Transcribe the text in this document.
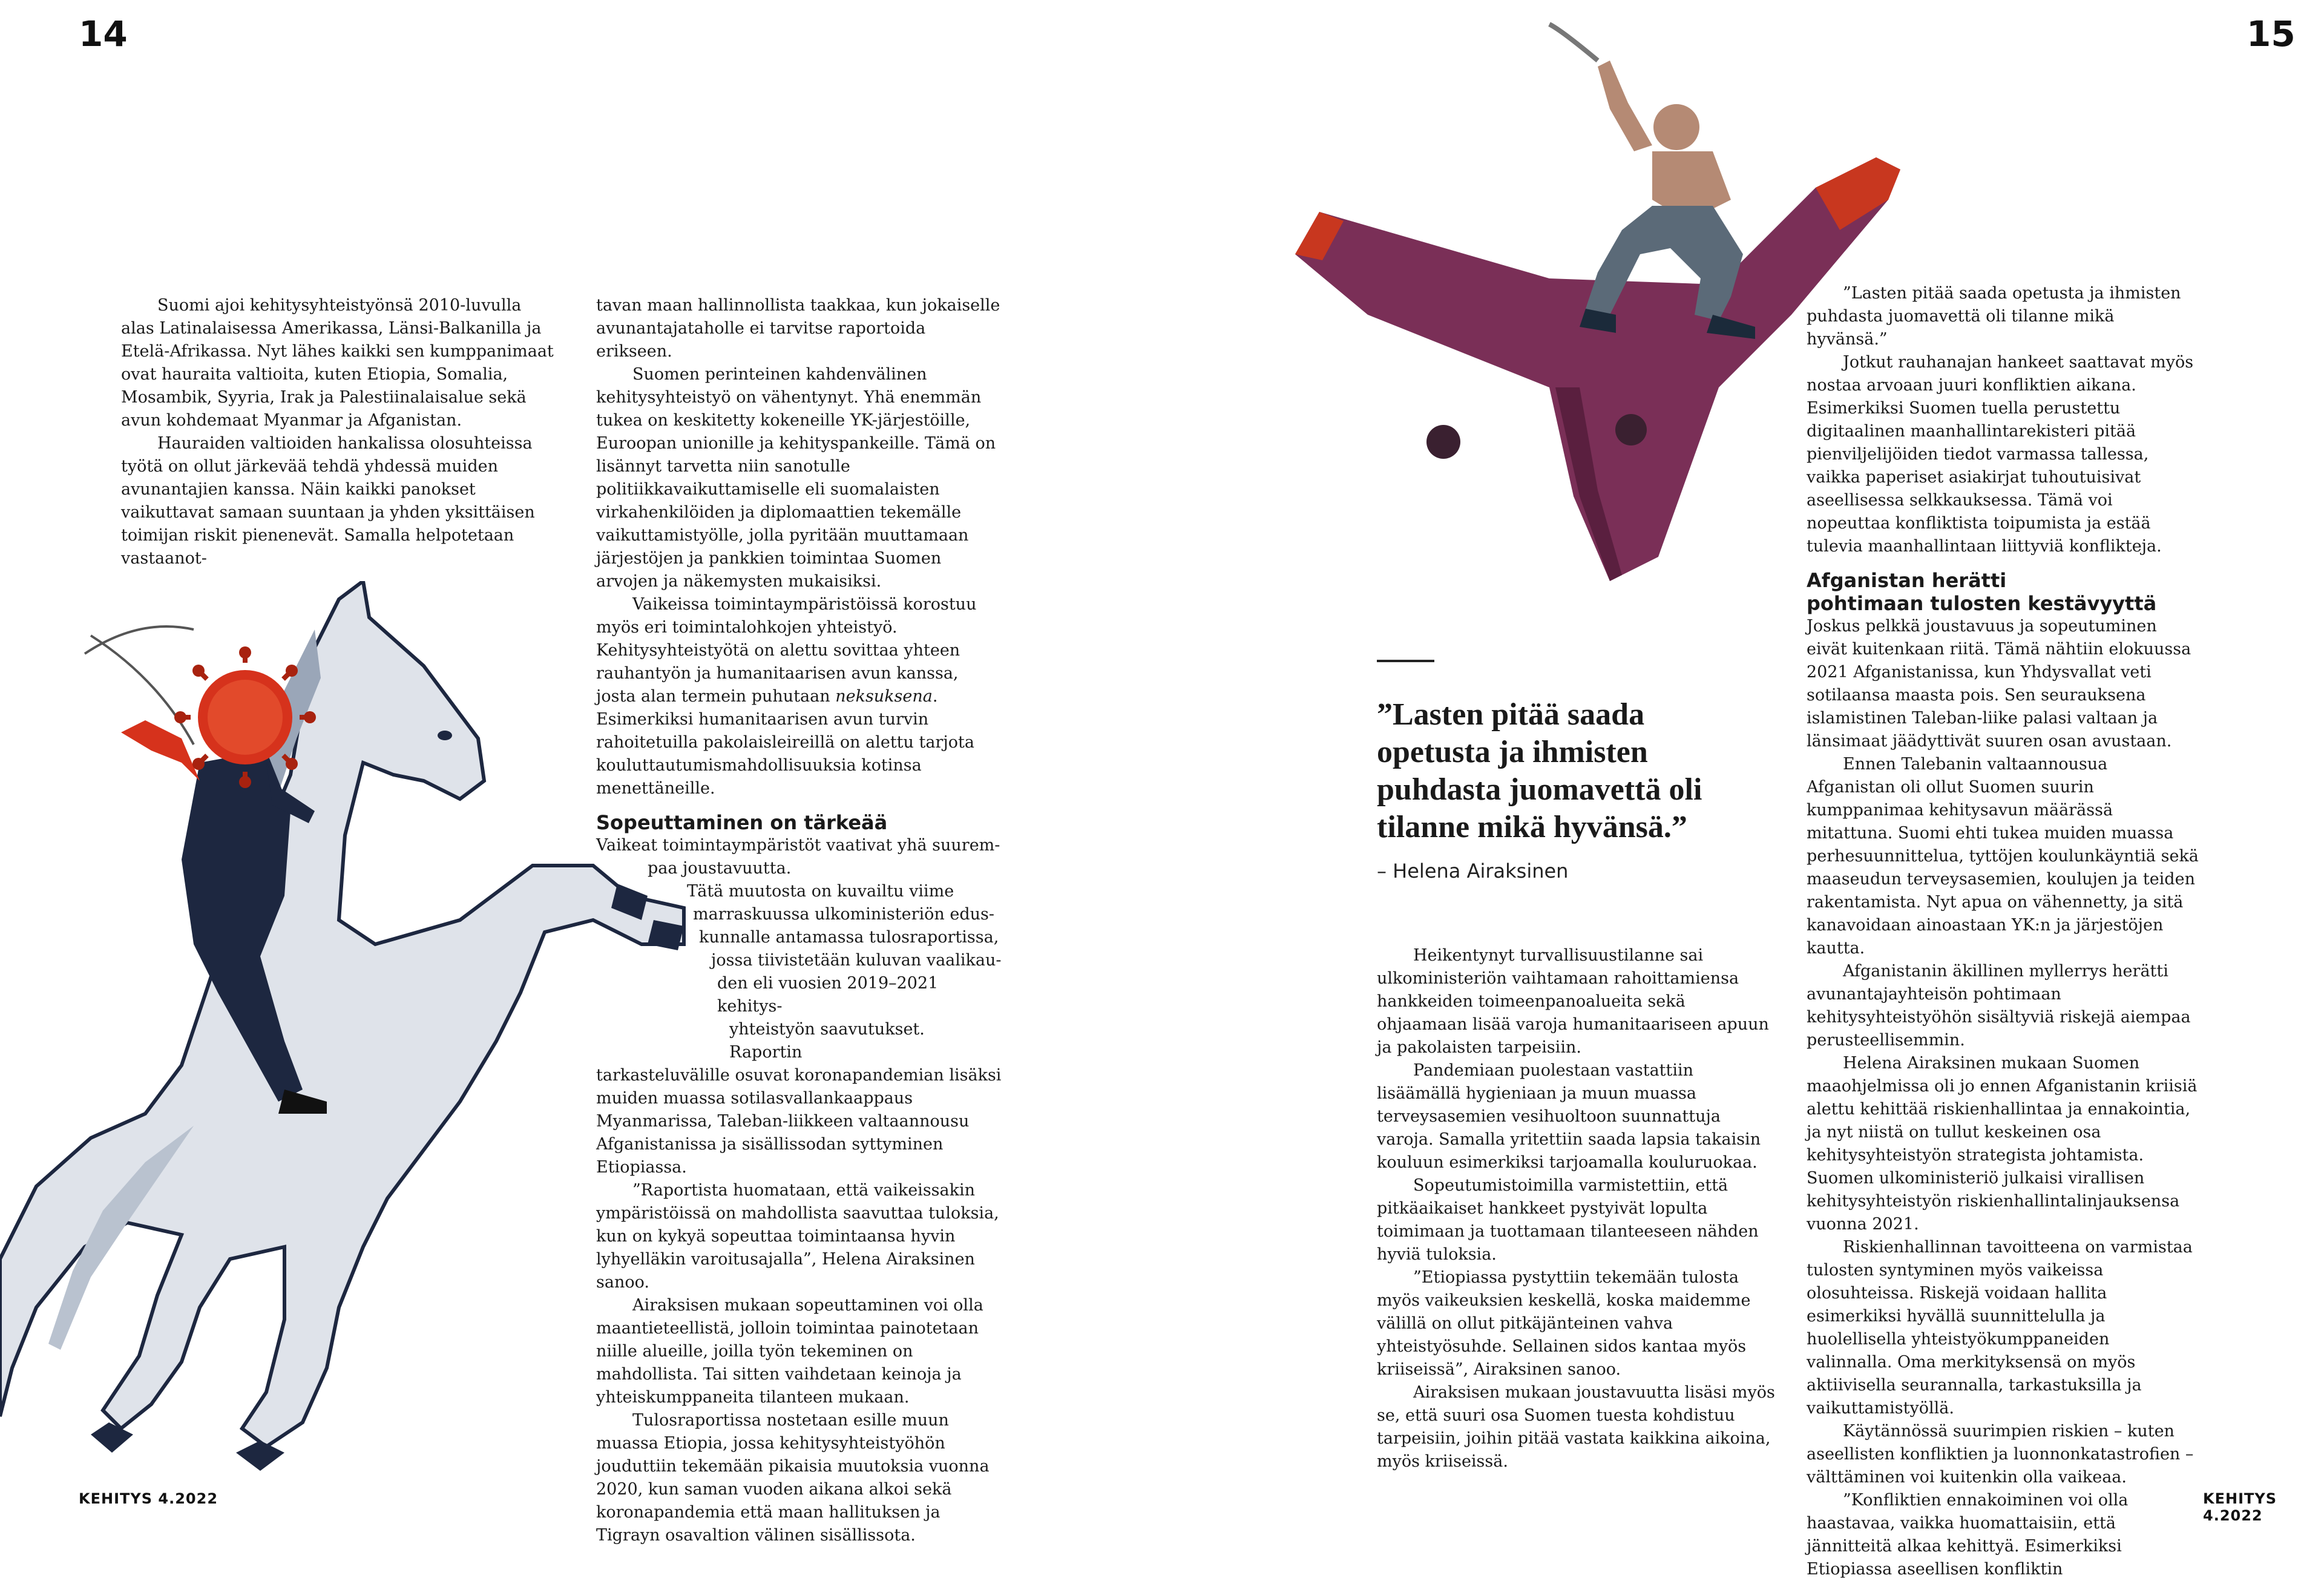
14	15
KEHITYS 4.2022	KEHITYS 4.2022

Suomi ajoi kehitysyhteistyönsä 2010-luvulla alas Latinalaisessa Amerikassa, Länsi-Balkanilla ja Etelä-Afrikassa. Nyt lähes kaikki sen kumppanimaat ovat hauraita valtioita, kuten Etiopia, Somalia, Mosambik, Syyria, Irak ja Palestiinalaisalue sekä avun kohdemaat Myanmar ja Afganistan.

Hauraiden valtioiden hankalissa olosuhteissa työtä on ollut järkevää tehdä yhdessä muiden avunantajien kanssa. Näin kaikki panokset vaikuttavat samaan suuntaan ja yhden yksittäisen toimijan riskit pienenevät. Samalla helpotetaan vastaanot-

tavan maan hallinnollista taakkaa, kun jokaiselle avunantajataholle ei tarvitse raportoida erikseen.

Suomen perinteinen kahdenvälinen kehitysyhteistyö on vähentynyt. Yhä enemmän tukea on keskitetty kokeneille YK-järjestöille, Euroopan unionille ja kehityspankeille. Tämä on lisännyt tarvetta niin sanotulle politiikkavaikuttamiselle eli suomalaisten virkahenkilöiden ja diplomaattien tekemälle vaikuttamistyölle, jolla pyritään muuttamaan järjestöjen ja pankkien toimintaa Suomen arvojen ja näkemysten mukaisiksi.

Vaikeissa toimintaympäristöissä korostuu myös eri toimintalohkojen yhteistyö. Kehitysyhteistyötä on alettu sovittaa yhteen rauhantyön ja humanitaarisen avun kanssa, josta alan termein puhutaan neksuksena. Esimerkiksi humanitaarisen avun turvin rahoitetuilla pakolaisleireillä on alettu tarjota kouluttautumismahdollisuuksia kotinsa menettäneille.

Sopeuttaminen on tärkeää
Vaikeat toimintaympäristöt vaativat yhä suurem-
paa joustavuutta.
Tätä muutosta on kuvailtu viime
marraskuussa ulkoministeriön edus-
kunnalle antamassa tulosraportissa,
jossa tiivistetään kuluvan vaalikau-
den eli vuosien 2019–2021 kehitys-
yhteistyön saavutukset. Raportin

tarkasteluvälille osuvat koronapandemian lisäksi muiden muassa sotilasvallankaappaus Myanmarissa, Taleban-liikkeen valtaannousu Afganistanissa ja sisällissodan syttyminen Etiopiassa.

”Raportista huomataan, että vaikeissakin ympäristöissä on mahdollista saavuttaa tuloksia, kun on kykyä sopeuttaa toimintaansa hyvin lyhyelläkin varoitusajalla”, Helena Airaksinen sanoo.

Airaksisen mukaan sopeuttaminen voi olla maantieteellistä, jolloin toimintaa painotetaan niille alueille, joilla työn tekeminen on mahdollista. Tai sitten vaihdetaan keinoja ja yhteiskumppaneita tilanteen mukaan.

Tulosraportissa nostetaan esille muun muassa Etiopia, jossa kehitysyhteistyöhön jouduttiin tekemään pikaisia muutoksia vuonna 2020, kun saman vuoden aikana alkoi sekä koronapandemia että maan hallituksen ja Tigrayn osavaltion välinen sisällissota.

”Lasten pitää saada opetusta ja ihmisten puhdasta juomavettä oli tilanne mikä hyvänsä.”
– Helena Airaksinen

Heikentynyt turvallisuustilanne sai ulkoministeriön vaihtamaan rahoittamiensa hankkeiden toimeenpanoalueita sekä ohjaamaan lisää varoja humanitaariseen apuun ja pakolaisten tarpeisiin.

Pandemiaan puolestaan vastattiin lisäämällä hygieniaan ja muun muassa terveysasemien vesihuoltoon suunnattuja varoja. Samalla yritettiin saada lapsia takaisin kouluun esimerkiksi tarjoamalla kouluruokaa.

Sopeutumistoimilla varmistettiin, että pitkäaikaiset hankkeet pystyivät lopulta toimimaan ja tuottamaan tilanteeseen nähden hyviä tuloksia.

”Etiopiassa pystyttiin tekemään tulosta myös vaikeuksien keskellä, koska maidemme välillä on ollut pitkäjänteinen vahva yhteistyösuhde. Sellainen sidos kantaa myös kriiseissä”, Airaksinen sanoo.

Airaksisen mukaan joustavuutta lisäsi myös se, että suuri osa Suomen tuesta kohdistuu tarpeisiin, joihin pitää vastata kaikkina aikoina, myös kriiseissä.

”Lasten pitää saada opetusta ja ihmisten puhdasta juomavettä oli tilanne mikä hyvänsä.”

Jotkut rauhanajan hankeet saattavat myös nostaa arvoaan juuri konfliktien aikana. Esimerkiksi Suomen tuella perustettu digitaalinen maanhallintarekisteri pitää pienviljelijöiden tiedot varmassa tallessa, vaikka paperiset asiakirjat tuhoutuisivat aseellisessa selkkauksessa. Tämä voi nopeuttaa konfliktista toipumista ja estää tulevia maanhallintaan liittyviä konflikteja.

Afganistan herätti
pohtimaan tulosten kestävyyttä

Joskus pelkkä joustavuus ja sopeutuminen eivät kuitenkaan riitä. Tämä nähtiin elokuussa 2021 Afganistanissa, kun Yhdysvallat veti sotilaansa maasta pois. Sen seurauksena islamistinen Taleban-liike palasi valtaan ja länsimaat jäädyttivät suuren osan avustaan.

Ennen Talebanin valtaannousua Afganistan oli ollut Suomen suurin kumppanimaa kehitysavun määrässä mitattuna. Suomi ehti tukea muiden muassa perhesuunnittelua, tyttöjen koulunkäyntiä sekä maaseudun terveysasemien, koulujen ja teiden rakentamista. Nyt apua on vähennetty, ja sitä kanavoidaan ainoastaan YK:n ja järjestöjen kautta.

Afganistanin äkillinen myllerrys herätti avunantajayhteisön pohtimaan kehitysyhteistyöhön sisältyviä riskejä aiempaa perusteellisemmin.

Helena Airaksinen mukaan Suomen maaohjelmissa oli jo ennen Afganistanin kriisiä alettu kehittää riskienhallintaa ja ennakointia, ja nyt niistä on tullut keskeinen osa kehitysyhteistyön strategista johtamista. Suomen ulkoministeriö julkaisi virallisen kehitysyhteistyön riskienhallintalinjauksensa vuonna 2021.

Riskienhallinnan tavoitteena on varmistaa tulosten syntyminen myös vaikeissa olosuhteissa. Riskejä voidaan hallita esimerkiksi hyvällä suunnittelulla ja huolellisella yhteistyökumppaneiden valinnalla. Oma merkityksensä on myös aktiivisella seurannalla, tarkastuksilla ja vaikuttamistyöllä.

Käytännössä suurimpien riskien – kuten aseellisten konfliktien ja luonnonkatastrofien – välttäminen voi kuitenkin olla vaikeaa.

”Konfliktien ennakoiminen voi olla haastavaa, vaikka huomattaisiin, että jännitteitä alkaa kehittyä. Esimerkiksi Etiopiassa aseellisen konfliktin
